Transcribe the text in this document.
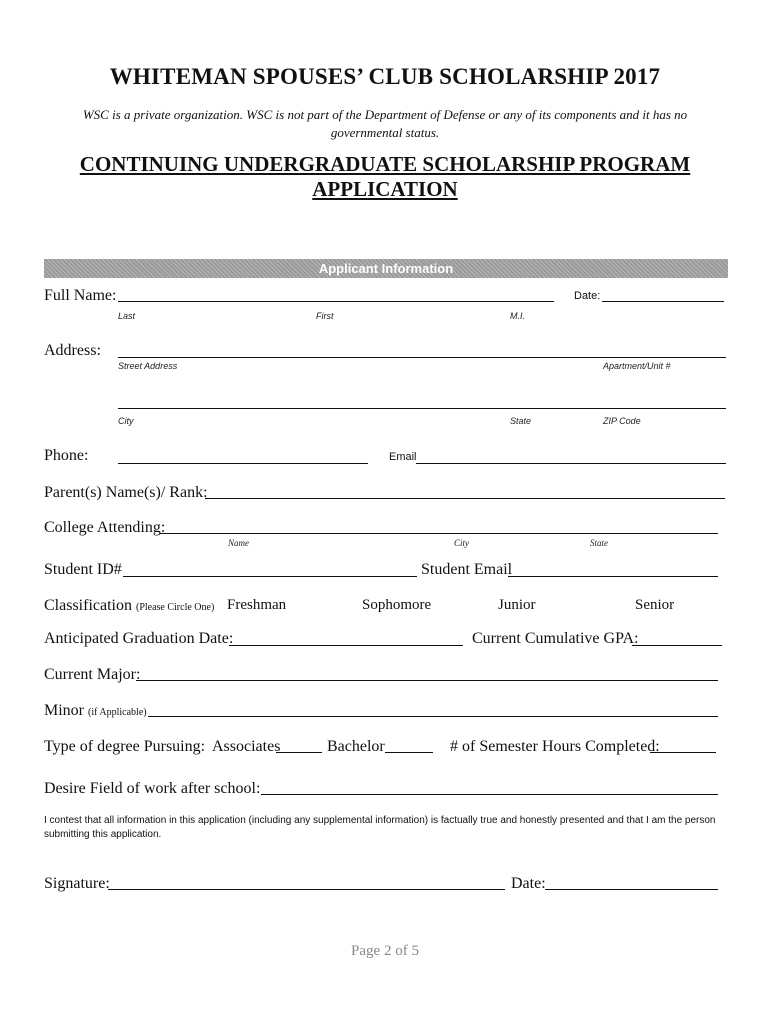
WHITEMAN SPOUSES’ CLUB SCHOLARSHIP 2017
WSC is a private organization. WSC is not part of the Department of Defense or any of its components and it has no governmental status.
CONTINUING UNDERGRADUATE SCHOLARSHIP PROGRAM
APPLICATION
Applicant Information
Full Name:	Date:
Last	First	M.I.
Address:
Street Address	Apartment/Unit #
City	State	ZIP Code
Phone:	Email
Parent(s) Name(s)/ Rank:
College Attending:
Name	City	State
Student ID#	Student Email
Classification (Please Circle One) Freshman	Sophomore	Junior	Senior
Anticipated Graduation Date:	Current Cumulative GPA:
Current Major:
Minor (if Applicable)
Type of degree Pursuing: Associates	Bachelor	# of Semester Hours Completed:
Desire Field of work after school:
I contest that all information in this application (including any supplemental information) is factually true and honestly presented and that I am the person submitting this application.
Signature:	Date:
Page 2 of 5
